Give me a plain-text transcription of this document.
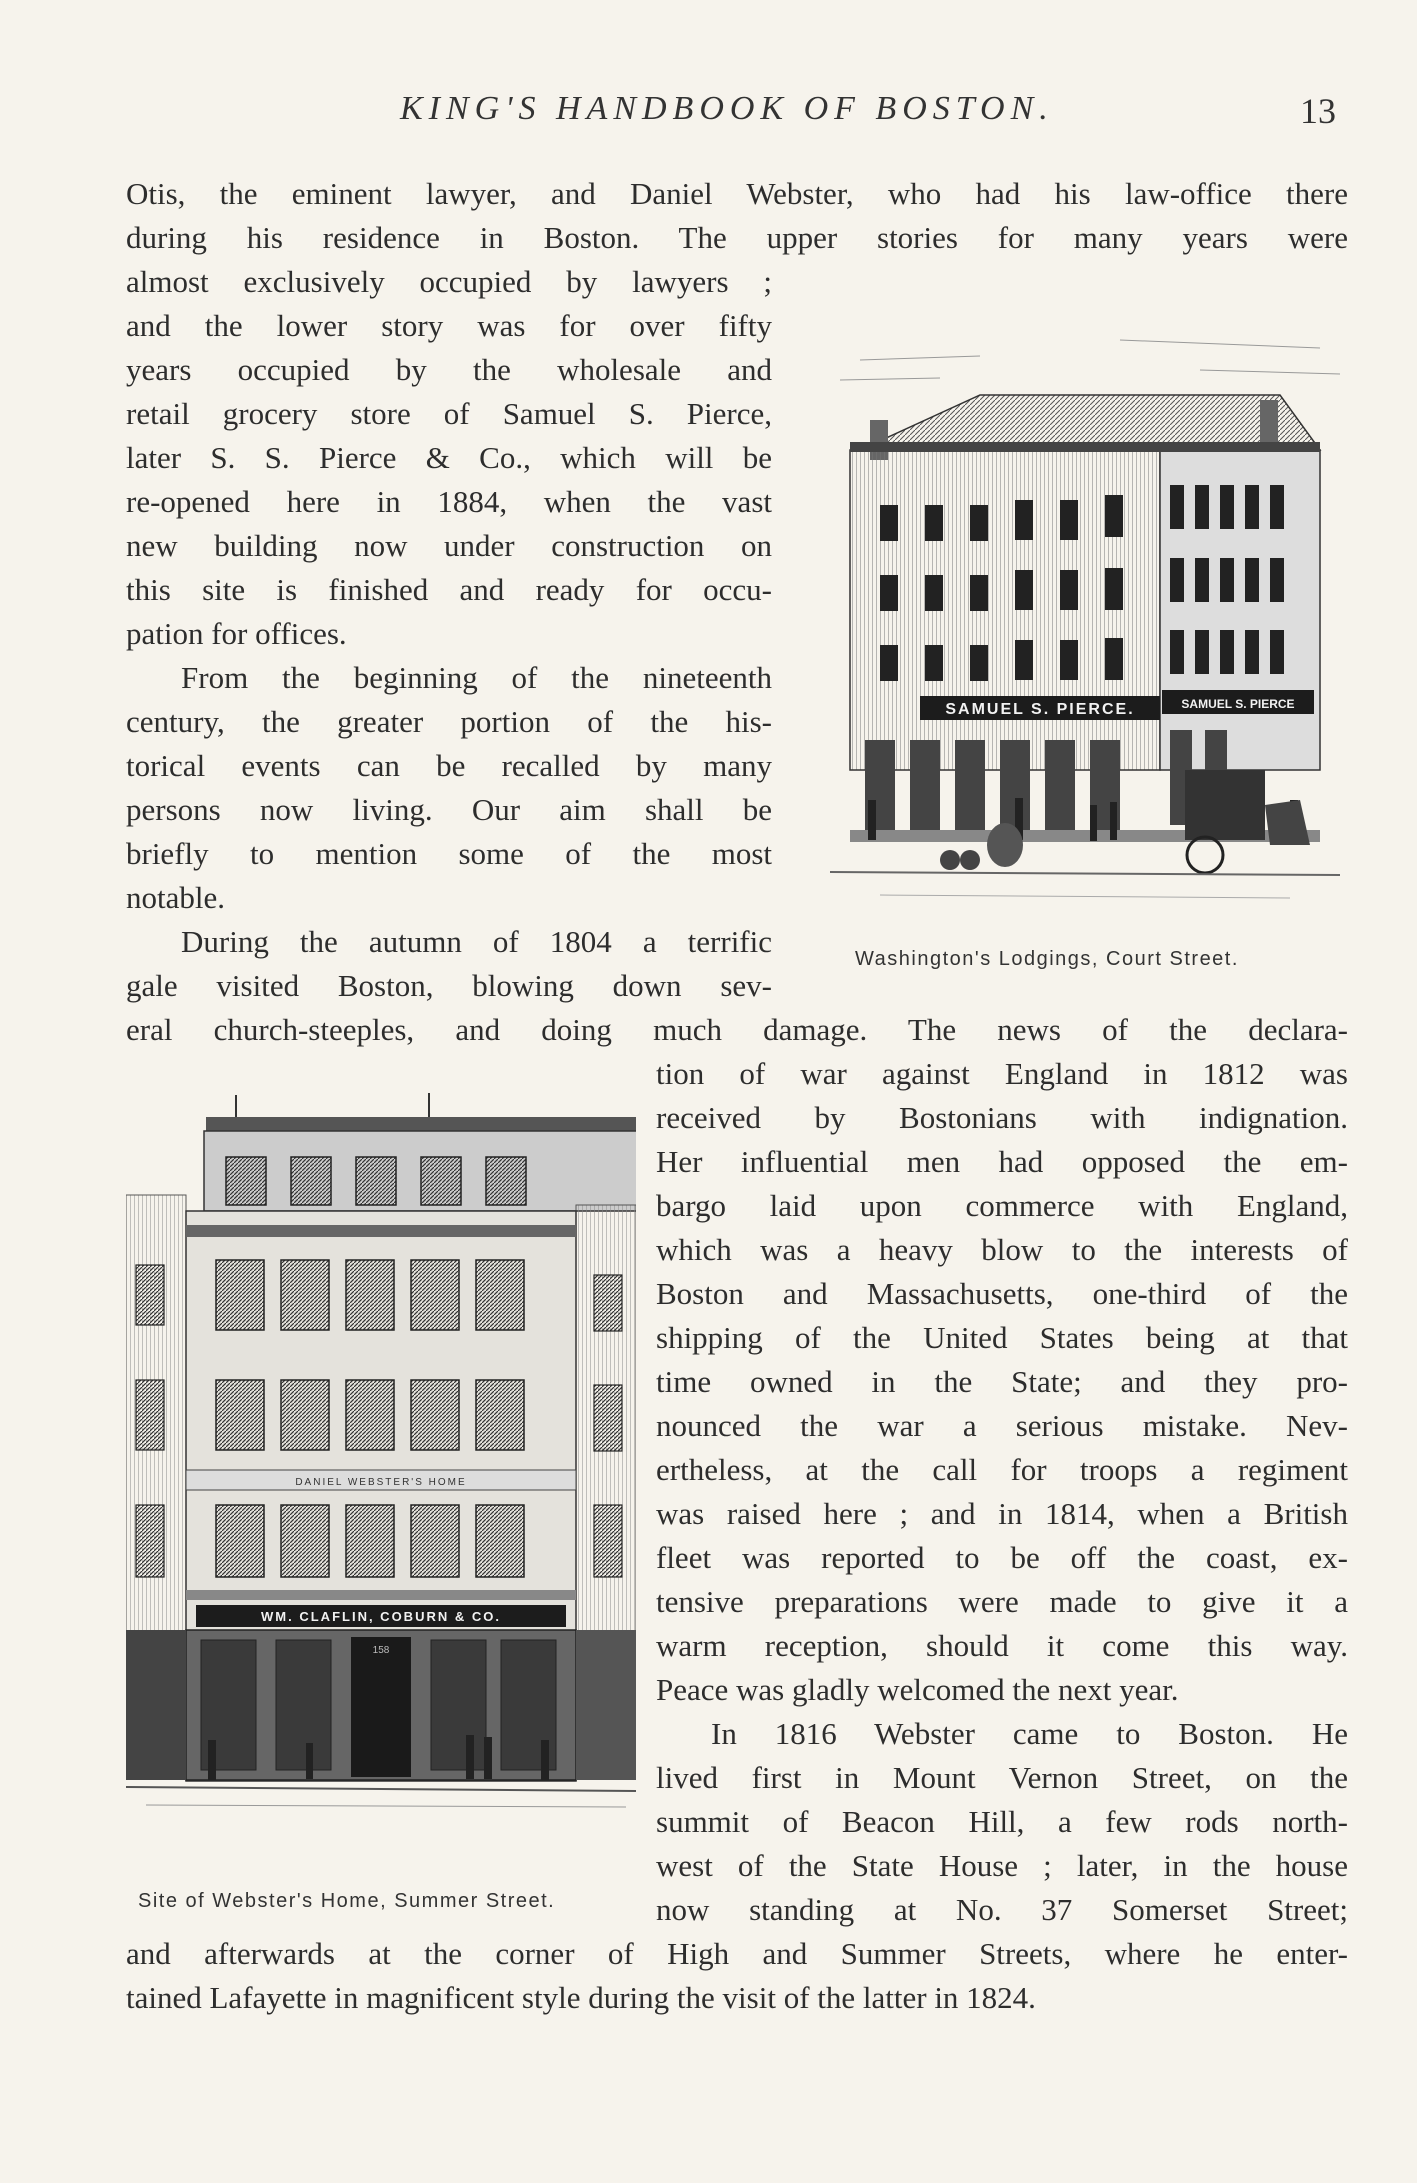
KING'S HANDBOOK OF BOSTON.	13
Otis, the eminent lawyer, and Daniel Webster, who had his law-office there
during his residence in Boston. The upper stories for many years were
almost exclusively occupied by lawyers ;
and the lower story was for over fifty
years occupied by the wholesale and
retail grocery store of Samuel S. Pierce,
later S. S. Pierce & Co., which will be
re-opened here in 1884, when the vast
new building now under construction on
this site is finished and ready for occu-
pation for offices.
From the beginning of the nineteenth
century, the greater portion of the his-
torical events can be recalled by many
persons now living. Our aim shall be
briefly to mention some of the most
notable.
During the autumn of 1804 a terrific
gale visited Boston, blowing down sev-
eral church-steeples, and doing much damage. The news of the declara-
tion of war against England in 1812 was
received by Bostonians with indignation.
Her influential men had opposed the em-
bargo laid upon commerce with England,
which was a heavy blow to the interests of
Boston and Massachusetts, one-third of the
shipping of the United States being at that
time owned in the State; and they pro-
nounced the war a serious mistake. Nev-
ertheless, at the call for troops a regiment
was raised here ; and in 1814, when a British
fleet was reported to be off the coast, ex-
tensive preparations were made to give it a
warm reception, should it come this way.
Peace was gladly welcomed the next year.
In 1816 Webster came to Boston. He
lived first in Mount Vernon Street, on the
summit of Beacon Hill, a few rods north-
west of the State House ; later, in the house
now standing at No. 37 Somerset Street;
and afterwards at the corner of High and Summer Streets, where he enter-
tained Lafayette in magnificent style during the visit of the latter in 1824.
SAMUEL S. PIERCE.	SAMUEL S. PIERCE
Washington's Lodgings, Court Street.
DANIEL WEBSTER'S HOME
WM. CLAFLIN, COBURN & CO.
158
Site of Webster's Home, Summer Street.
